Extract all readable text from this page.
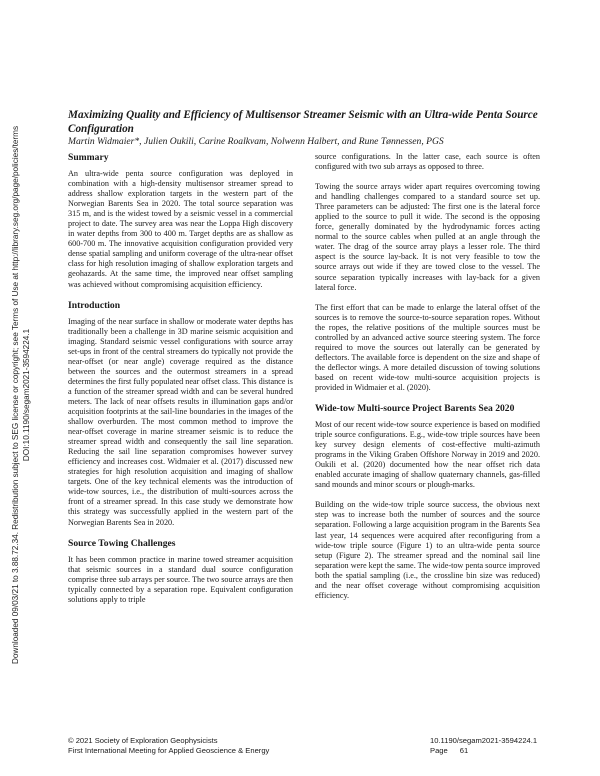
Downloaded 09/03/21 to 3.88.72.34. Redistribution subject to SEG license or copyright; see Terms of Use at http://library.seg.org/page/policies/terms DOI:10.1190/segam2021-3594224.1
Maximizing Quality and Efficiency of Multisensor Streamer Seismic with an Ultra-wide Penta Source Configuration
Martin Widmaier*, Julien Oukili, Carine Roalkvam, Nolwenn Halbert, and Rune Tønnessen, PGS
Summary

An ultra-wide penta source configuration was deployed in combination with a high-density multisensor streamer spread to address shallow exploration targets in the western part of the Norwegian Barents Sea in 2020. The total source separation was 315 m, and is the widest towed by a seismic vessel in a commercial project to date. The survey area was near the Loppa High discovery in water depths from 300 to 400 m. Target depths are as shallow as 600-700 m. The innovative acquisition configuration provided very dense spatial sampling and uniform coverage of the ultra-near offset class for high resolution imaging of shallow exploration targets and geohazards. At the same time, the improved near offset sampling was achieved without compromising acquisition efficiency.

Introduction

Imaging of the near surface in shallow or moderate water depths has traditionally been a challenge in 3D marine seismic acquisition and imaging. Standard seismic vessel configurations with source array set-ups in front of the central streamers do typically not provide the near-offset (or near angle) coverage required as the distance between the sources and the outermost streamers in a spread determines the first fully populated near offset class. This distance is a function of the streamer spread width and can be several hundred meters. The lack of near offsets results in illumination gaps and/or acquisition footprints at the sail-line boundaries in the images of the shallow overburden. The most common method to improve the near-offset coverage in marine streamer seismic is to reduce the streamer spread width and consequently the sail line separation. Reducing the sail line separation compromises however survey efficiency and increases cost. Widmaier et al. (2017) discussed new strategies for high resolution acquisition and imaging of shallow targets. One of the key technical elements was the introduction of wide-tow sources, i.e., the distribution of multi-sources across the front of a streamer spread. In this case study we demonstrate how this strategy was successfully applied in the western part of the Norwegian Barents Sea in 2020.

Source Towing Challenges

It has been common practice in marine towed streamer acquisition that seismic sources in a standard dual source configuration comprise three sub arrays per source. The two source arrays are then typically connected by a separation rope. Equivalent configuration solutions apply to triple

source configurations. In the latter case, each source is often configured with two sub arrays as opposed to three.

Towing the source arrays wider apart requires overcoming towing and handling challenges compared to a standard source set up. Three parameters can be adjusted: The first one is the lateral force applied to the source to pull it wide. The second is the opposing force, generally dominated by the hydrodynamic forces acting normal to the source cables when pulled at an angle through the water. The drag of the source array plays a lesser role. The third aspect is the source lay-back. It is not very feasible to tow the source arrays out wide if they are towed close to the vessel. The source separation typically increases with lay-back for a given lateral force.

The first effort that can be made to enlarge the lateral offset of the sources is to remove the source-to-source separation ropes. Without the ropes, the relative positions of the multiple sources must be controlled by an advanced active source steering system. The force required to move the sources out laterally can be generated by deflectors. The available force is dependent on the size and shape of the deflector wings. A more detailed discussion of towing solutions based on recent wide-tow multi-source acquisition projects is provided in Widmaier et al. (2020).

Wide-tow Multi-source Project Barents Sea 2020

Most of our recent wide-tow source experience is based on modified triple source configurations. E.g., wide-tow triple sources have been key survey design elements of cost-effective multi-azimuth programs in the Viking Graben Offshore Norway in 2019 and 2020. Oukili et al. (2020) documented how the near offset rich data enabled accurate imaging of shallow quaternary channels, gas-filled sand mounds and minor scours or plough-marks.

Building on the wide-tow triple source success, the obvious next step was to increase both the number of sources and the source separation. Following a large acquisition program in the Barents Sea last year, 14 sequences were acquired after reconfiguring from a wide-tow triple source (Figure 1) to an ultra-wide penta source setup (Figure 2). The streamer spread and the nominal sail line separation were kept the same. The wide-tow penta source improved both the spatial sampling (i.e., the crossline bin size was reduced) and the near offset coverage without compromising acquisition efficiency.

© 2021 Society of Exploration Geophysicists
First International Meeting for Applied Geoscience & Energy
10.1190/segam2021-3594224.1
Page 61
